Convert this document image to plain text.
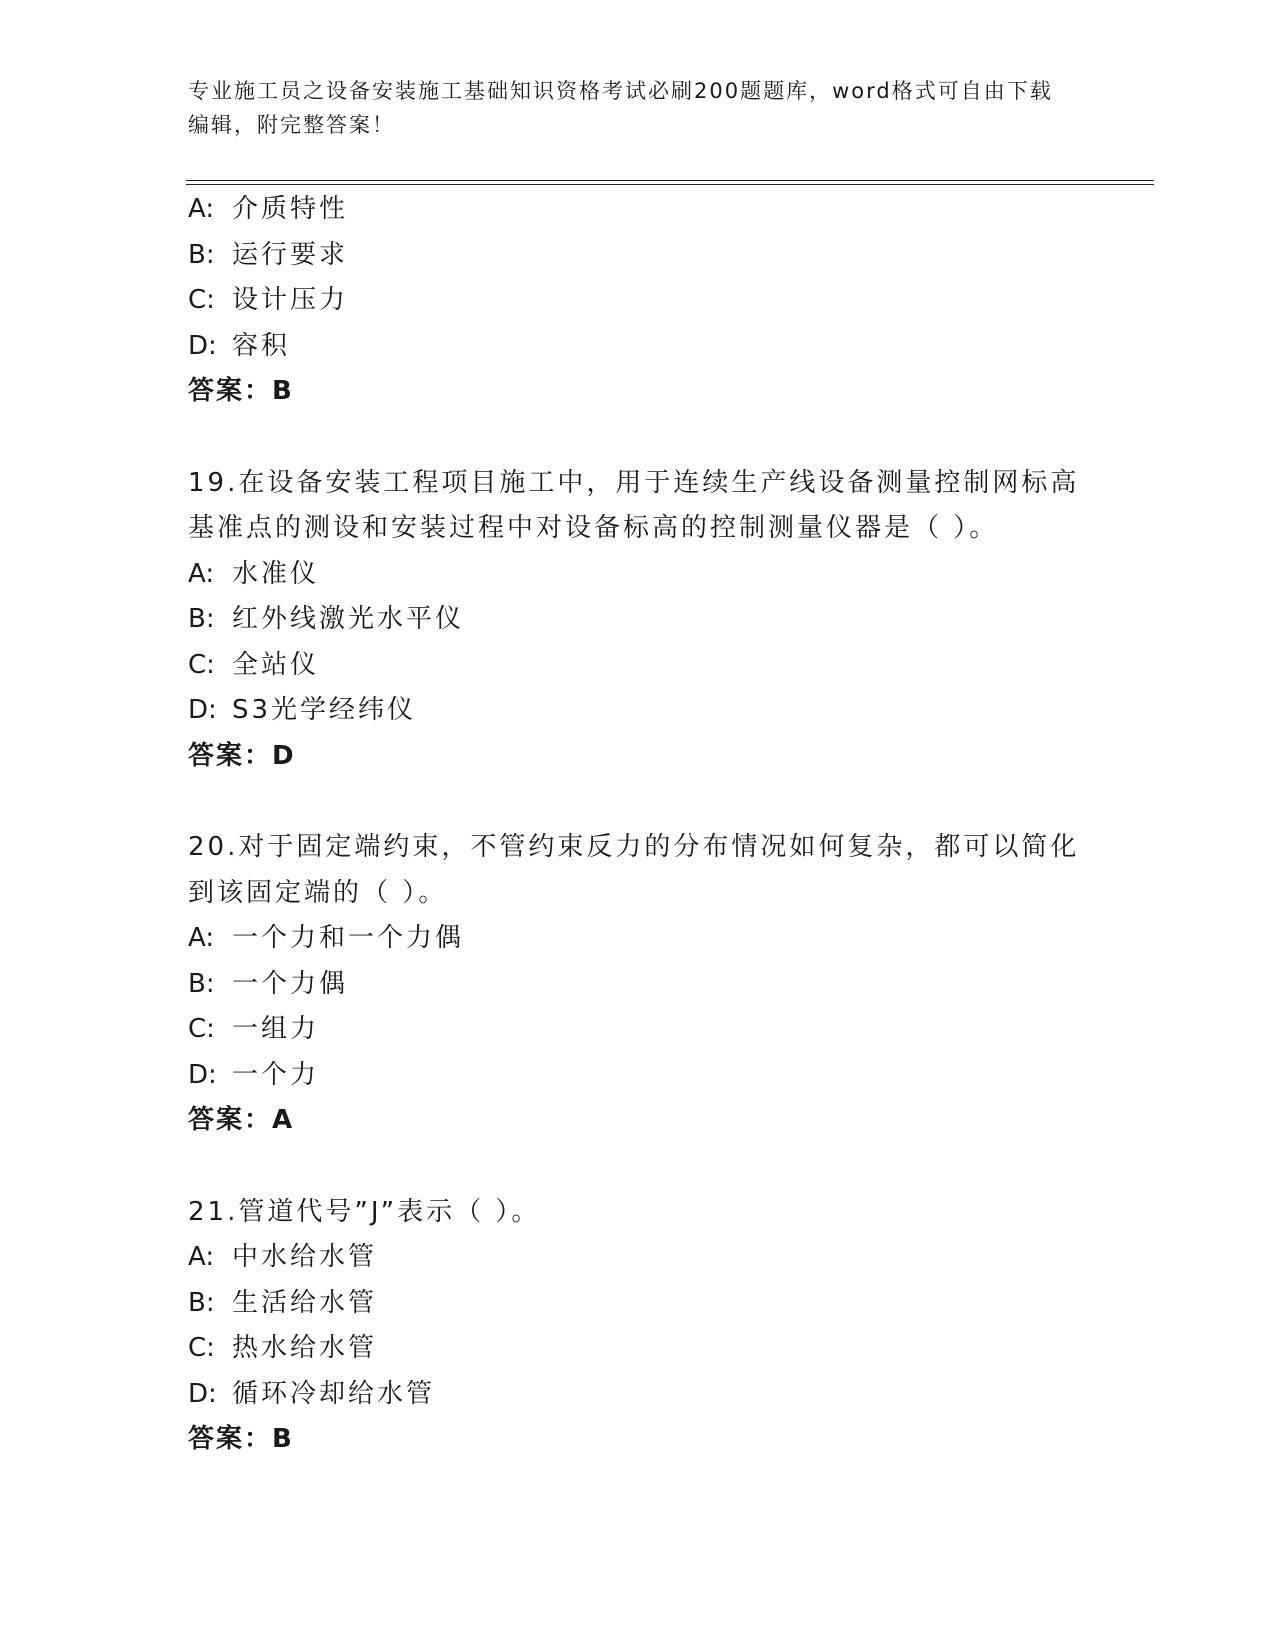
专业施工员之设备安装施工基础知识资格考试必刷200题题库，word格式可自由下载编辑，附完整答案！
A: 介质特性
B: 运行要求
C: 设计压力
D: 容积
答案：B
19.在设备安装工程项目施工中，用于连续生产线设备测量控制网标高基准点的测设和安装过程中对设备标高的控制测量仪器是（ ）。
A: 水准仪
B: 红外线激光水平仪
C: 全站仪
D: S3光学经纬仪
答案：D
20.对于固定端约束，不管约束反力的分布情况如何复杂，都可以简化到该固定端的（ ）。
A: 一个力和一个力偶
B: 一个力偶
C: 一组力
D: 一个力
答案：A
21.管道代号”J”表示（ ）。
A: 中水给水管
B: 生活给水管
C: 热水给水管
D: 循环冷却给水管
答案：B
